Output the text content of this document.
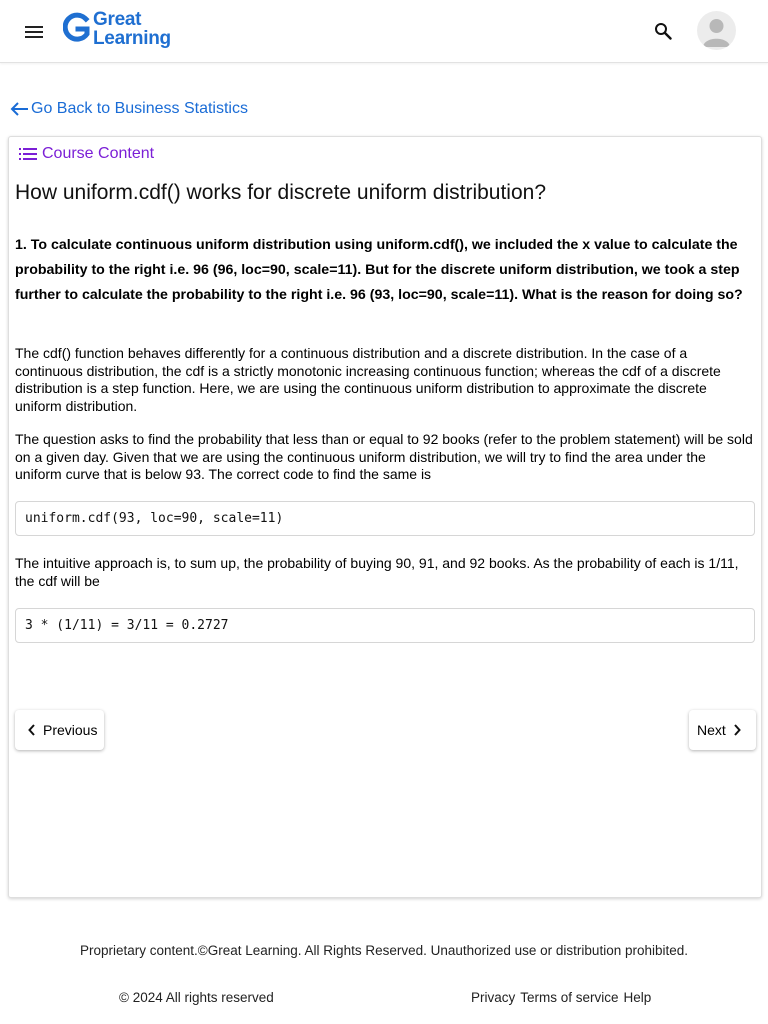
Great
Learning
Go Back to Business Statistics
Course Content
How uniform.cdf() works for discrete uniform distribution?
1. To calculate continuous uniform distribution using uniform.cdf(), we included the x value to calculate the probability to the right i.e. 96 (96, loc=90, scale=11). But for the discrete uniform distribution, we took a step further to calculate the probability to the right i.e. 96 (93, loc=90, scale=11). What is the reason for doing so?
The cdf() function behaves differently for a continuous distribution and a discrete distribution. In the case of a continuous distribution, the cdf is a strictly monotonic increasing continuous function; whereas the cdf of a discrete distribution is a step function. Here, we are using the continuous uniform distribution to approximate the discrete uniform distribution.
The question asks to find the probability that less than or equal to 92 books (refer to the problem statement) will be sold on a given day. Given that we are using the continuous uniform distribution, we will try to find the area under the uniform curve that is below 93. The correct code to find the same is
uniform.cdf(93, loc=90, scale=11)
The intuitive approach is, to sum up, the probability of buying 90, 91, and 92 books. As the probability of each is 1/11, the cdf will be
3 * (1/11) = 3/11 = 0.2727
Previous	Next
Proprietary content.©Great Learning. All Rights Reserved. Unauthorized use or distribution prohibited.
© 2024 All rights reserved	Privacy Terms of service Help
